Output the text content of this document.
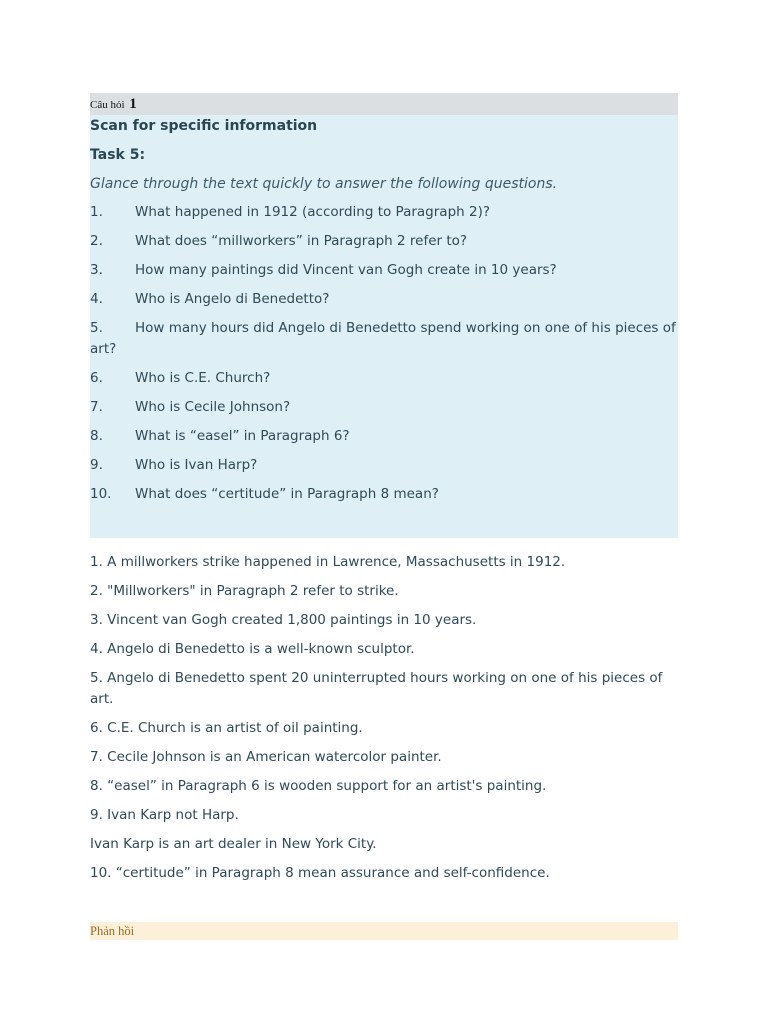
Câu hỏi 1
Scan for specific information
Task 5:
Glance through the text quickly to answer the following questions.
1. What happened in 1912 (according to Paragraph 2)?
2. What does “millworkers” in Paragraph 2 refer to?
3. How many paintings did Vincent van Gogh create in 10 years?
4. Who is Angelo di Benedetto?
5. How many hours did Angelo di Benedetto spend working on one of his pieces of art?
6. Who is C.E. Church?
7. Who is Cecile Johnson?
8. What is “easel” in Paragraph 6?
9. Who is Ivan Harp?
10. What does “certitude” in Paragraph 8 mean?
1. A millworkers strike happened in Lawrence, Massachusetts in 1912.
2. "Millworkers" in Paragraph 2 refer to strike.
3. Vincent van Gogh created 1,800 paintings in 10 years.
4. Angelo di Benedetto is a well-known sculptor.
5. Angelo di Benedetto spent 20 uninterrupted hours working on one of his pieces of art.
6. C.E. Church is an artist of oil painting.
7. Cecile Johnson is an American watercolor painter.
8. “easel” in Paragraph 6 is wooden support for an artist's painting.
9. Ivan Karp not Harp.
Ivan Karp is an art dealer in New York City.
10. “certitude” in Paragraph 8 mean assurance and self-confidence.
Phản hồi
